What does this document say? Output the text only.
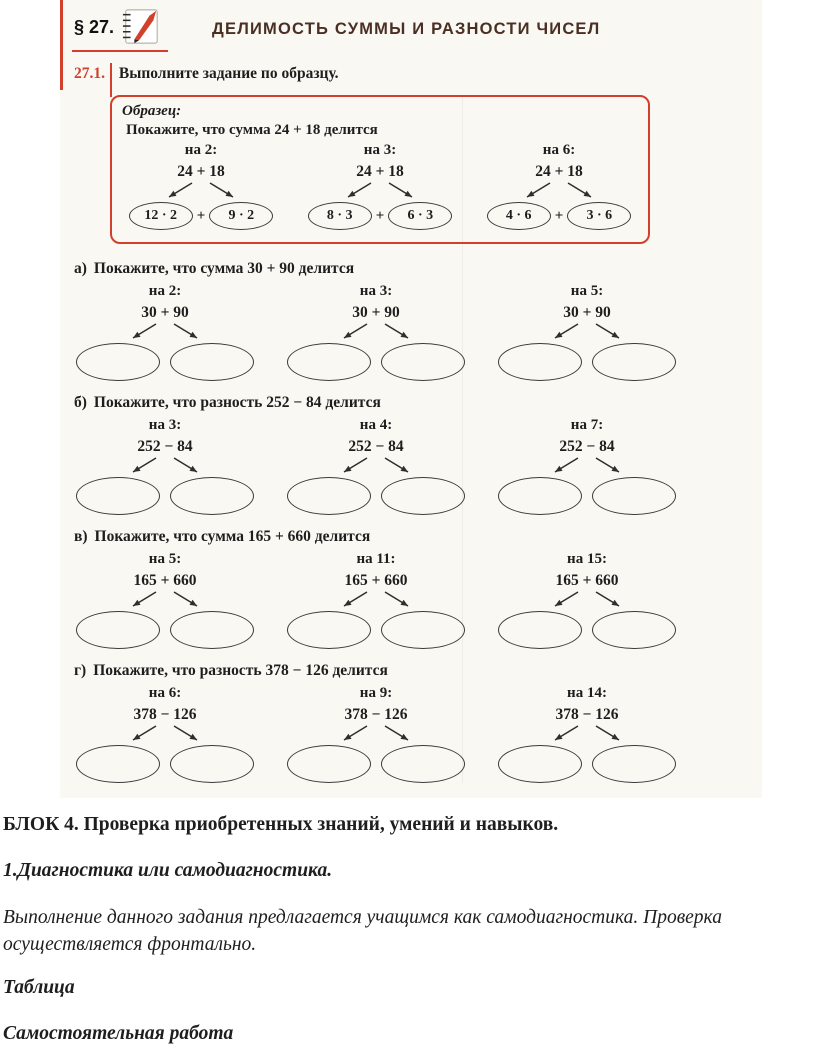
§ 27.	ДЕЛИМОСТЬ СУММЫ И РАЗНОСТИ ЧИСЕЛ
27.1. Выполните задание по образцу.
Образец:
Покажите, что сумма 24 + 18 делится
на 2:
24 + 18
12 · 2	+	9 · 2
на 3:
24 + 18
8 · 3	+	6 · 3
на 6:
24 + 18
4 · 6	+	3 · 6
а) Покажите, что сумма 30 + 90 делится
на 2:
30 + 90
на 3:
30 + 90
на 5:
30 + 90
б) Покажите, что разность 252 − 84 делится
на 3:
252 − 84
на 4:
252 − 84
на 7:
252 − 84
в) Покажите, что сумма 165 + 660 делится
на 5:
165 + 660
на 11:
165 + 660
на 15:
165 + 660
г) Покажите, что разность 378 − 126 делится
на 6:
378 − 126
на 9:
378 − 126
на 14:
378 − 126

БЛОК 4. Проверка приобретенных знаний, умений и навыков.

1.Диагностика или самодиагностика.

Выполнение данного задания предлагается учащимся как самодиагностика. Проверка осуществляется фронтально.

Таблица

Самостоятельная работа
